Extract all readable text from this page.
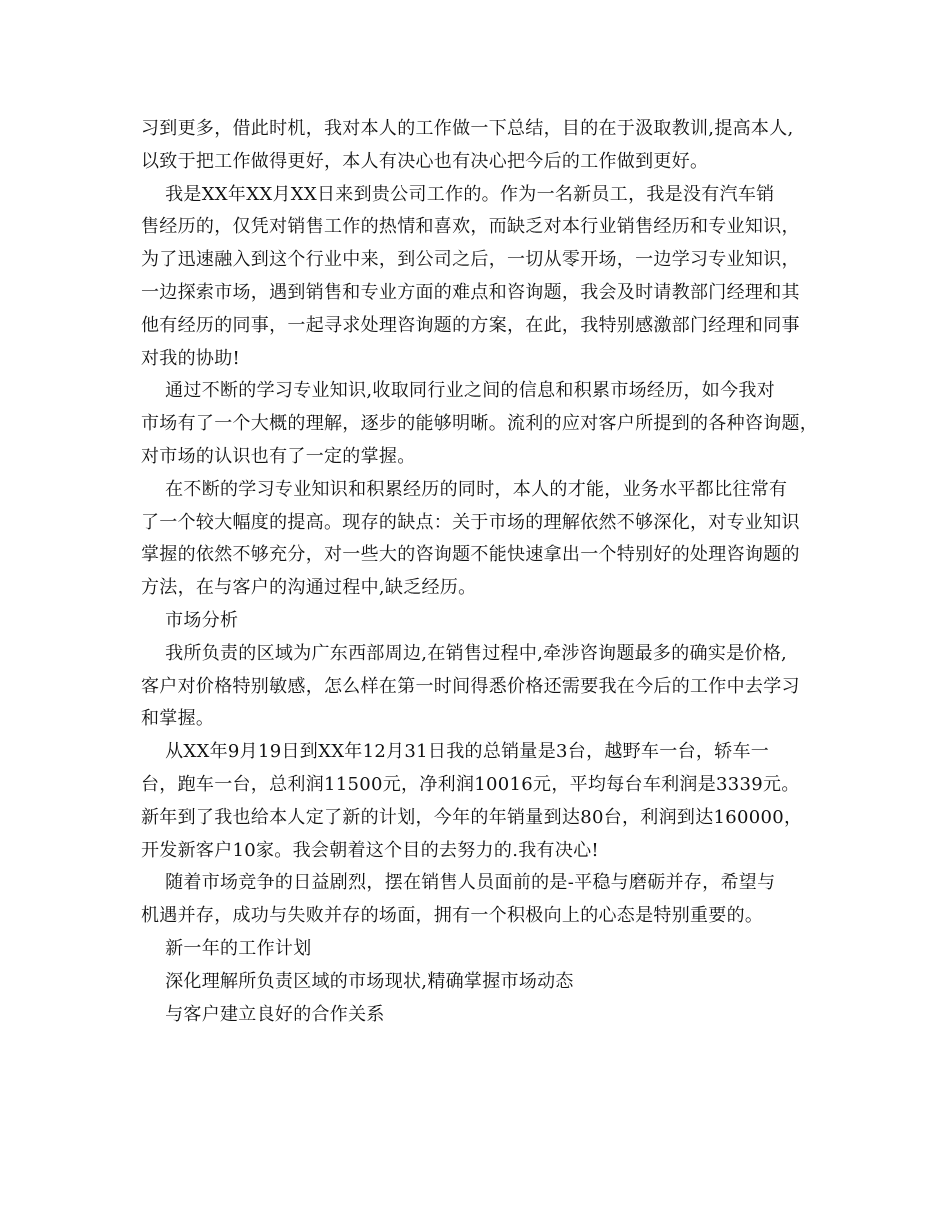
习到更多，借此时机，我对本人的工作做一下总结，目的在于汲取教训,提高本人,

以致于把工作做得更好，本人有决心也有决心把今后的工作做到更好。

我是XX年XX月XX日来到贵公司工作的。作为一名新员工，我是没有汽车销

售经历的，仅凭对销售工作的热情和喜欢，而缺乏对本行业销售经历和专业知识，

为了迅速融入到这个行业中来，到公司之后，一切从零开场，一边学习专业知识，

一边探索市场，遇到销售和专业方面的难点和咨询题，我会及时请教部门经理和其

他有经历的同事，一起寻求处理咨询题的方案，在此，我特别感激部门经理和同事

对我的协助!

通过不断的学习专业知识,收取同行业之间的信息和积累市场经历，如今我对

市场有了一个大概的理解，逐步的能够明晰。流利的应对客户所提到的各种咨询题，

对市场的认识也有了一定的掌握。

在不断的学习专业知识和积累经历的同时，本人的才能，业务水平都比往常有

了一个较大幅度的提高。现存的缺点：关于市场的理解依然不够深化，对专业知识

掌握的依然不够充分，对一些大的咨询题不能快速拿出一个特别好的处理咨询题的

方法，在与客户的沟通过程中,缺乏经历。

市场分析

我所负责的区域为广东西部周边,在销售过程中,牵涉咨询题最多的确实是价格,

客户对价格特别敏感，怎么样在第一时间得悉价格还需要我在今后的工作中去学习

和掌握。

从XX年9月19日到XX年12月31日我的总销量是3台，越野车一台，轿车一

台，跑车一台，总利润11500元，净利润10016元，平均每台车利润是3339元。

新年到了我也给本人定了新的计划，今年的年销量到达80台，利润到达160000，

开发新客户10家。我会朝着这个目的去努力的.我有决心!

随着市场竞争的日益剧烈，摆在销售人员面前的是-平稳与磨砺并存，希望与

机遇并存，成功与失败并存的场面，拥有一个积极向上的心态是特别重要的。

新一年的工作计划

深化理解所负责区域的市场现状,精确掌握市场动态

与客户建立良好的合作关系
